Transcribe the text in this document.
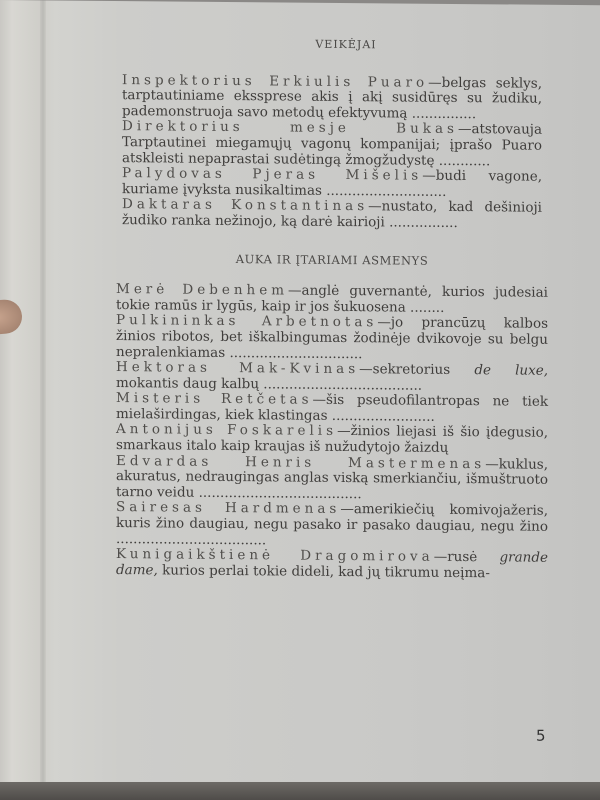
VEIKĖJAI

Inspektorius Erkiulis Puaro—belgas seklys, tarptautiniame ekssprese akis į akį susidūręs su žudiku, pademonstruoja savo metodų efektyvumą ...............

Direktorius mesje Bukas—atstovauja Tarptautinei miegamųjų vagonų kompanijai; įprašo Puaro atskleisti nepaprastai sudėtingą žmogžudystę ............

Palydovas Pjeras Mišelis—budi vagone, kuriame įvyksta nusikaltimas ............................

Daktaras Konstantinas—nustato, kad dešinioji žudiko ranka nežinojo, ką darė kairioji ................

AUKA IR ĮTARIAMI ASMENYS

Merė Debenhem—anglė guvernantė, kurios judesiai tokie ramūs ir lygūs, kaip ir jos šukuosena ........

Pulkininkas Arbetnotas—jo prancūzų kalbos žinios ribotos, bet iškalbingumas žodinėje dvikovoje su belgu nepralenkiamas ...............................

Hektoras Mak-Kvinas—sekretorius de luxe, mokantis daug kalbų .....................................

Misteris Retčetas—šis pseudofilantropas ne tiek mielaširdingas, kiek klastingas ........................

Antonijus Foskarelis—žinios liejasi iš šio įdegusio, smarkaus italo kaip kraujas iš nužudytojo žaizdų

Edvardas Henris Mastermenas—kuklus, akuratus, nedraugingas anglas viską smerkiančiu, išmuštruoto tarno veidu ......................................

Sairesas Hardmenas—amerikiečių komivojažeris, kuris žino daugiau, negu pasako ir pasako daugiau, negu žino ...................................

Kunigaikštienė Dragomirova—rusė grande dame, kurios perlai tokie dideli, kad jų tikrumu neįma-

5
